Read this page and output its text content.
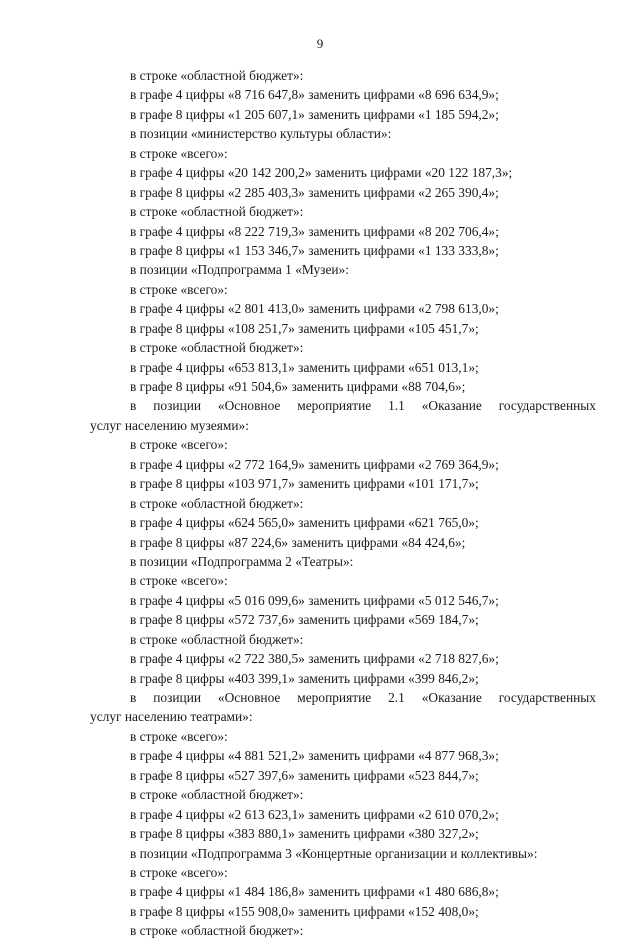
9
в строке «областной бюджет»:
в графе 4 цифры «8 716 647,8» заменить цифрами «8 696 634,9»;
в графе 8 цифры «1 205 607,1» заменить цифрами «1 185 594,2»;
в позиции «министерство культуры области»:
в строке «всего»:
в графе 4 цифры «20 142 200,2» заменить цифрами «20 122 187,3»;
в графе 8 цифры «2 285 403,3» заменить цифрами «2 265 390,4»;
в строке «областной бюджет»:
в графе 4 цифры «8 222 719,3» заменить цифрами «8 202 706,4»;
в графе 8 цифры «1 153 346,7» заменить цифрами «1 133 333,8»;
в позиции «Подпрограмма 1 «Музеи»:
в строке «всего»:
в графе 4 цифры «2 801 413,0» заменить цифрами «2 798 613,0»;
в графе 8 цифры «108 251,7» заменить цифрами «105 451,7»;
в строке «областной бюджет»:
в графе 4 цифры «653 813,1» заменить цифрами «651 013,1»;
в графе 8 цифры «91 504,6» заменить цифрами «88 704,6»;
в позиции «Основное мероприятие 1.1 «Оказание государственных
услуг населению музеями»:
в строке «всего»:
в графе 4 цифры «2 772 164,9» заменить цифрами «2 769 364,9»;
в графе 8 цифры «103 971,7» заменить цифрами «101 171,7»;
в строке «областной бюджет»:
в графе 4 цифры «624 565,0» заменить цифрами «621 765,0»;
в графе 8 цифры «87 224,6» заменить цифрами «84 424,6»;
в позиции «Подпрограмма 2 «Театры»:
в строке «всего»:
в графе 4 цифры «5 016 099,6» заменить цифрами «5 012 546,7»;
в графе 8 цифры «572 737,6» заменить цифрами «569 184,7»;
в строке «областной бюджет»:
в графе 4 цифры «2 722 380,5» заменить цифрами «2 718 827,6»;
в графе 8 цифры «403 399,1» заменить цифрами «399 846,2»;
в позиции «Основное мероприятие 2.1 «Оказание государственных
услуг населению театрами»:
в строке «всего»:
в графе 4 цифры «4 881 521,2» заменить цифрами «4 877 968,3»;
в графе 8 цифры «527 397,6» заменить цифрами «523 844,7»;
в строке «областной бюджет»:
в графе 4 цифры «2 613 623,1» заменить цифрами «2 610 070,2»;
в графе 8 цифры «383 880,1» заменить цифрами «380 327,2»;
в позиции «Подпрограмма 3 «Концертные организации и коллективы»:
в строке «всего»:
в графе 4 цифры «1 484 186,8» заменить цифрами «1 480 686,8»;
в графе 8 цифры «155 908,0» заменить цифрами «152 408,0»;
в строке «областной бюджет»:
